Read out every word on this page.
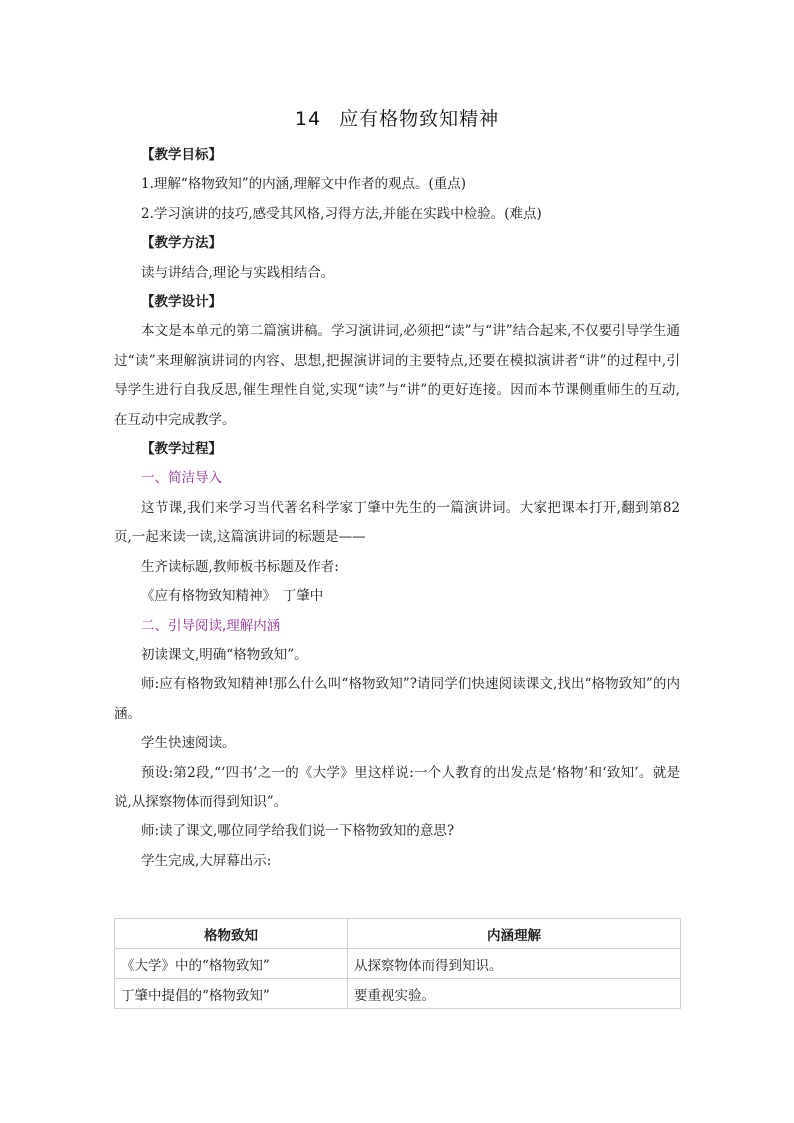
14 应有格物致知精神

【教学目标】

1.理解“格物致知”的内涵,理解文中作者的观点。(重点)

2.学习演讲的技巧,感受其风格,习得方法,并能在实践中检验。(难点)

【教学方法】

读与讲结合,理论与实践相结合。

【教学设计】

本文是本单元的第二篇演讲稿。学习演讲词,必须把“读”与“讲”结合起来,不仅要引导学生通过“读”来理解演讲词的内容、思想,把握演讲词的主要特点,还要在模拟演讲者“讲”的过程中,引导学生进行自我反思,催生理性自觉,实现“读”与“讲”的更好连接。因而本节课侧重师生的互动,在互动中完成教学。

【教学过程】

一、简洁导入

这节课,我们来学习当代著名科学家丁肇中先生的一篇演讲词。大家把课本打开,翻到第82页,一起来读一读,这篇演讲词的标题是——

生齐读标题,教师板书标题及作者:

《应有格物致知精神》　丁肇中

二、引导阅读,理解内涵

初读课文,明确“格物致知”。

师:应有格物致知精神!那么什么叫“格物致知”?请同学们快速阅读课文,找出“格物致知”的内涵。

学生快速阅读。

预设:第2段,“‘四书’之一的《大学》里这样说:一个人教育的出发点是‘格物’和‘致知’。就是说,从探察物体而得到知识”。

师:读了课文,哪位同学给我们说一下格物致知的意思?

学生完成,大屏幕出示:

格物致知	内涵理解
《大学》中的“格物致知”	从探察物体而得到知识。
丁肇中提倡的“格物致知”	要重视实验。
